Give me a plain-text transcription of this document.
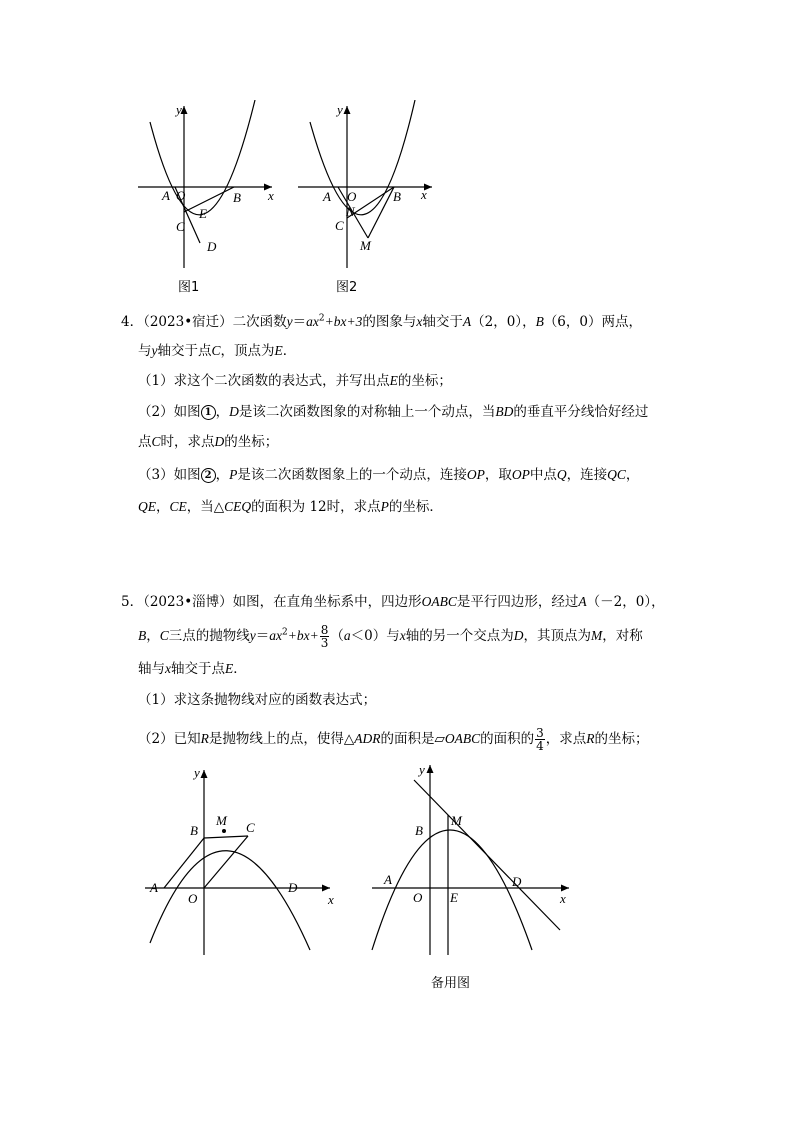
y
x
A O	B
C
E
D
图1
y
x
A O	B
C
N
M
图2
4．（2023•宿迁）二次函数$y=ax^2+bx+3$的图象与x轴交于A（2，0），B（6，0）两点，
与y轴交于点C，顶点为E．
（1）求这个二次函数的表达式，并写出点E的坐标；
（2）如图 1 ，D是该二次函数图象的对称轴上一个动点，当BD的垂直平分线恰好经过
点C时，求点D的坐标；
（3）如图 2 ，P是该二次函数图象上的一个动点，连接OP，取OP中点Q，连接QC，
QE，CE，当△CEQ的面积为 12时，求点P的坐标．
5．（2023•淄博）如图，在直角坐标系中，四边形OABC是平行四边形，经过A（－2，0），
B，C三点的抛物线$y=ax^2+bx+ \frac{8}{3} (a<0)$与x轴的另一个交点为D，其顶点为M，对称
轴与x轴交于点E．
（1）求这条抛物线对应的函数表达式；
（2）已知R是抛物线上的点，使得△ADR的面积是▱OABC的面积的 $\frac{3}{4}$ ，求点R的坐标；
y
x
M
B	C
A
O
D
y
x
M
B
A
O E
D
备用图
